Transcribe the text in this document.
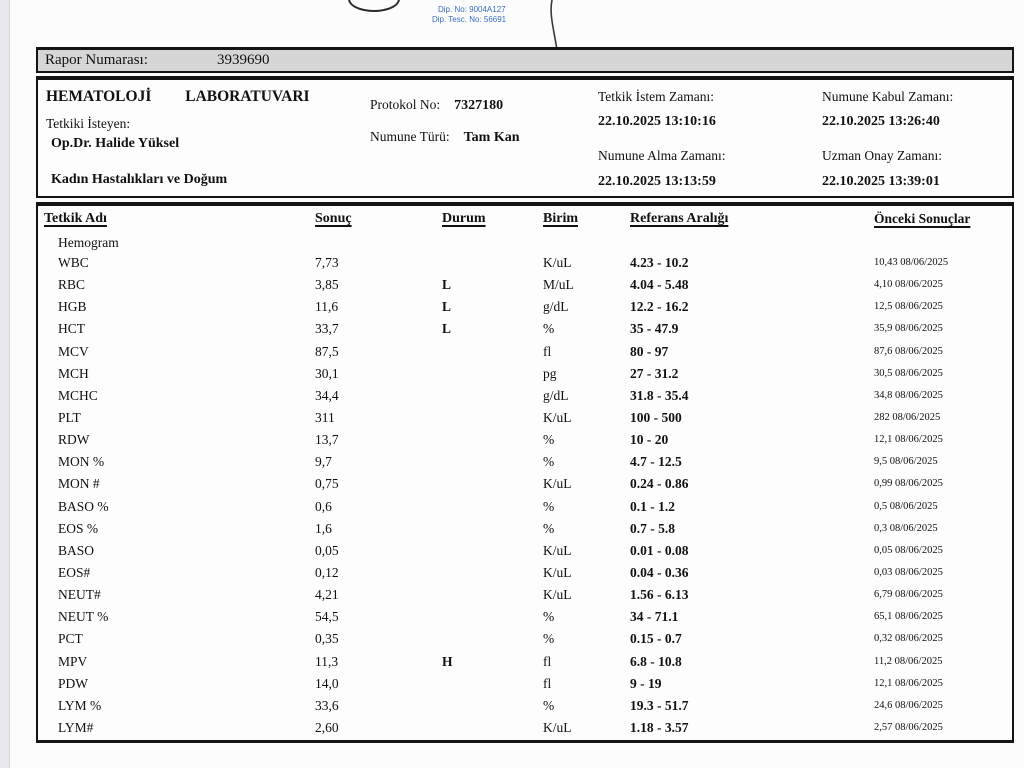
Dip. No: 9004A127
Dip. Tesc. No: 56691
Rapor Numarası:	3939690
HEMATOLOJİ LABORATUVARI
Tetkiki İsteyen:
Op.Dr. Halide Yüksel
Kadın Hastalıkları ve Doğum
Protokol No: 7327180
Numune Türü: Tam Kan
Tetkik İstem Zamanı:
22.10.2025 13:10:16
Numune Kabul Zamanı:
22.10.2025 13:26:40
Numune Alma Zamanı:
22.10.2025 13:13:59
Uzman Onay Zamanı:
22.10.2025 13:39:01
Tetkik Adı	Sonuç	Durum	Birim	Referans Aralığı	Önceki Sonuçlar
Hemogram
WBC	7,73	K/uL	4.23 - 10.2	10,43 08/06/2025
RBC	3,85	L	M/uL	4.04 - 5.48	4,10 08/06/2025
HGB	11,6	L	g/dL	12.2 - 16.2	12,5 08/06/2025
HCT	33,7	L	%	35 - 47.9	35,9 08/06/2025
MCV	87,5	fl	80 - 97	87,6 08/06/2025
MCH	30,1	pg	27 - 31.2	30,5 08/06/2025
MCHC	34,4	g/dL	31.8 - 35.4	34,8 08/06/2025
PLT	311	K/uL	100 - 500	282 08/06/2025
RDW	13,7	%	10 - 20	12,1 08/06/2025
MON %	9,7	%	4.7 - 12.5	9,5 08/06/2025
MON #	0,75	K/uL	0.24 - 0.86	0,99 08/06/2025
BASO %	0,6	%	0.1 - 1.2	0,5 08/06/2025
EOS %	1,6	%	0.7 - 5.8	0,3 08/06/2025
BASO	0,05	K/uL	0.01 - 0.08	0,05 08/06/2025
EOS#	0,12	K/uL	0.04 - 0.36	0,03 08/06/2025
NEUT#	4,21	K/uL	1.56 - 6.13	6,79 08/06/2025
NEUT %	54,5	%	34 - 71.1	65,1 08/06/2025
PCT	0,35	%	0.15 - 0.7	0,32 08/06/2025
MPV	11,3	H	fl	6.8 - 10.8	11,2 08/06/2025
PDW	14,0	fl	9 - 19	12,1 08/06/2025
LYM %	33,6	%	19.3 - 51.7	24,6 08/06/2025
LYM#	2,60	K/uL	1.18 - 3.57	2,57 08/06/2025
